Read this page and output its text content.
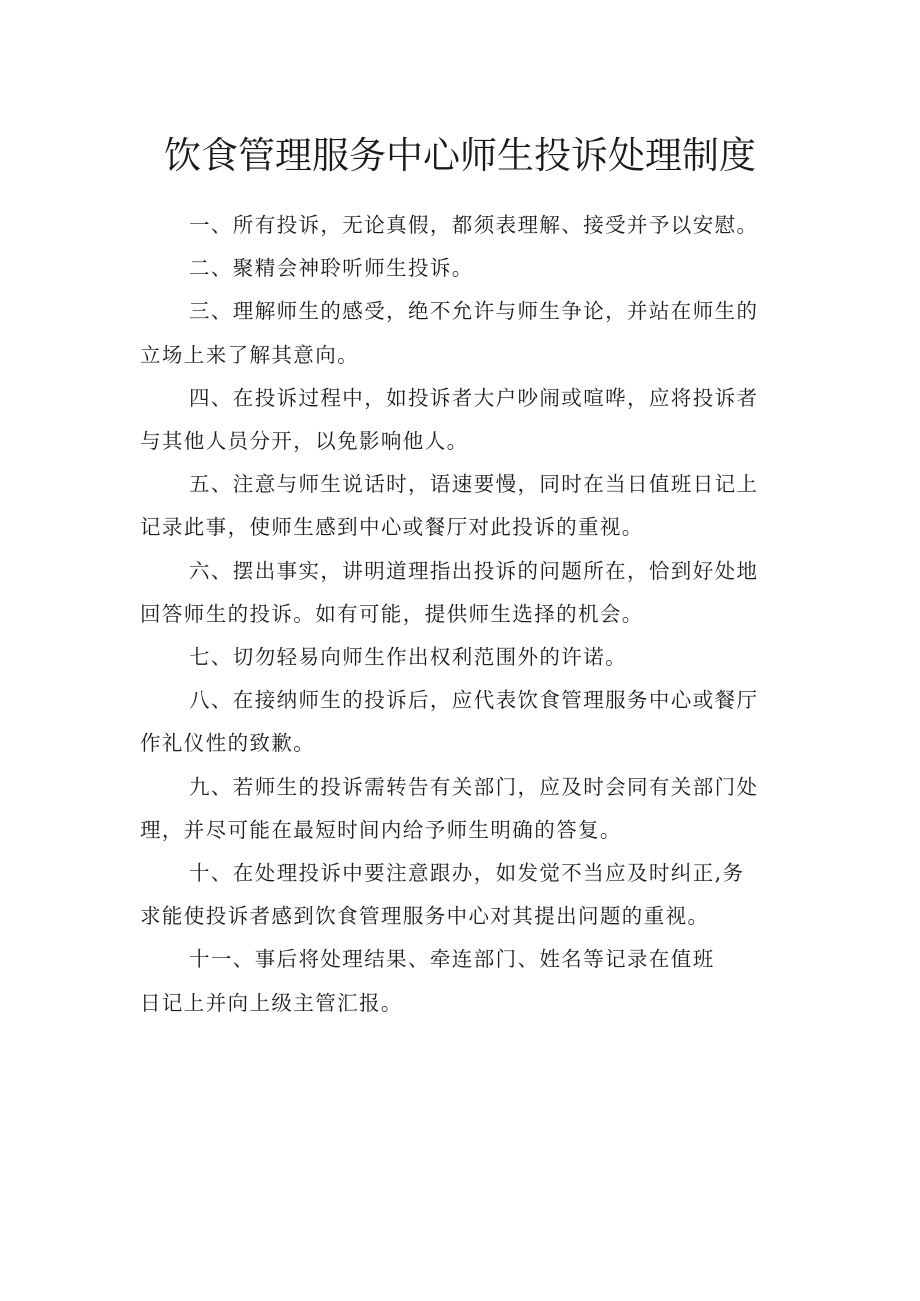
饮食管理服务中心师生投诉处理制度

一、所有投诉，无论真假，都须表理解、接受并予以安慰。

二、聚精会神聆听师生投诉。

三、理解师生的感受，绝不允许与师生争论，并站在师生的
立场上来了解其意向。

四、在投诉过程中，如投诉者大户吵闹或喧哗，应将投诉者
与其他人员分开，以免影响他人。

五、注意与师生说话时，语速要慢，同时在当日值班日记上
记录此事，使师生感到中心或餐厅对此投诉的重视。

六、摆出事实，讲明道理指出投诉的问题所在，恰到好处地
回答师生的投诉。如有可能，提供师生选择的机会。

七、切勿轻易向师生作出权利范围外的许诺。

八、在接纳师生的投诉后，应代表饮食管理服务中心或餐厅
作礼仪性的致歉。

九、若师生的投诉需转告有关部门，应及时会同有关部门处
理，并尽可能在最短时间内给予师生明确的答复。

十、在处理投诉中要注意跟办，如发觉不当应及时纠正,务
求能使投诉者感到饮食管理服务中心对其提出问题的重视。

十一、事后将处理结果、牵连部门、姓名等记录在值班
日记上并向上级主管汇报。
